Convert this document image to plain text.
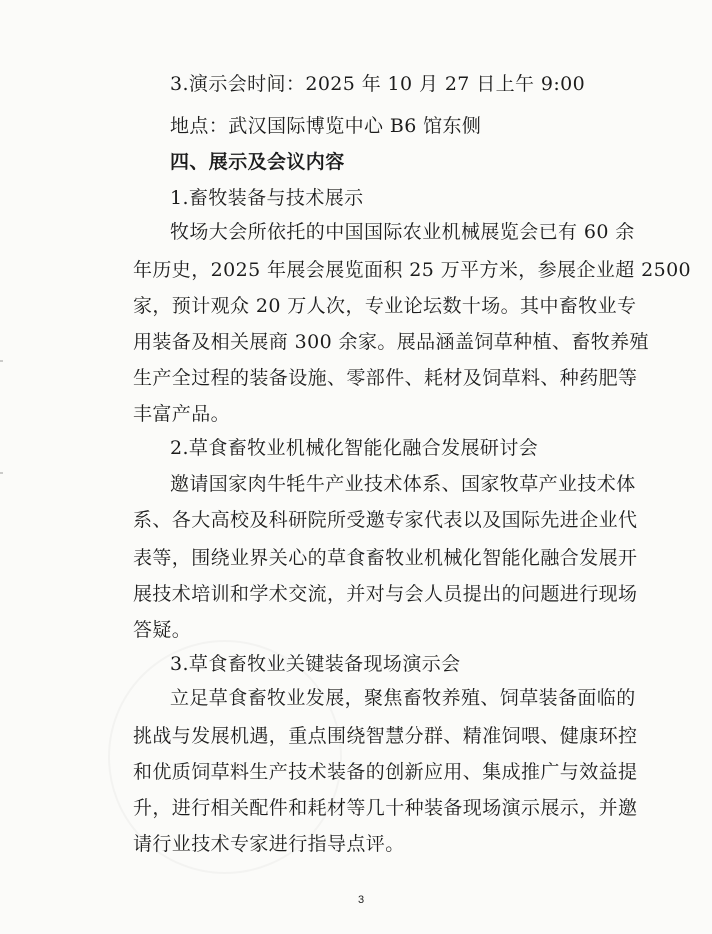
3.演示会时间：2025 年 10 月 27 日上午 9:00
地点：武汉国际博览中心 B6 馆东侧
四、展示及会议内容
1.畜牧装备与技术展示
牧场大会所依托的中国国际农业机械展览会已有 60 余
年历史，2025 年展会展览面积 25 万平方米，参展企业超 2500
家，预计观众 20 万人次，专业论坛数十场。其中畜牧业专
用装备及相关展商 300 余家。展品涵盖饲草种植、畜牧养殖
生产全过程的装备设施、零部件、耗材及饲草料、种药肥等
丰富产品。
2.草食畜牧业机械化智能化融合发展研讨会
邀请国家肉牛牦牛产业技术体系、国家牧草产业技术体
系、各大高校及科研院所受邀专家代表以及国际先进企业代
表等，围绕业界关心的草食畜牧业机械化智能化融合发展开
展技术培训和学术交流，并对与会人员提出的问题进行现场
答疑。
3.草食畜牧业关键装备现场演示会
立足草食畜牧业发展，聚焦畜牧养殖、饲草装备面临的
挑战与发展机遇，重点围绕智慧分群、精准饲喂、健康环控
和优质饲草料生产技术装备的创新应用、集成推广与效益提
升，进行相关配件和耗材等几十种装备现场演示展示，并邀
请行业技术专家进行指导点评。
3
